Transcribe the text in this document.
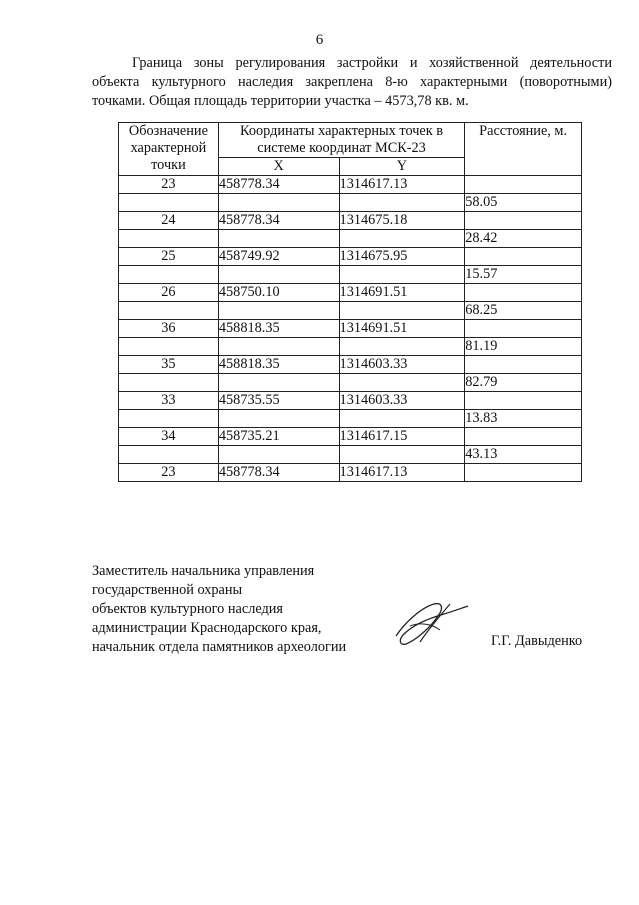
6

Граница зоны регулирования застройки и хозяйственной деятельности объекта культурного наследия закреплена 8-ю характерными (поворотными) точками. Общая площадь территории участка – 4573,78 кв. м.

Обозначение характерной точки	Координаты характерных точек в системе координат МСК-23		Расстояние, м.
	X	Y	
23	458778.34	1314617.13	
			58.05
24	458778.34	1314675.18	
			28.42
25	458749.92	1314675.95	
			15.57
26	458750.10	1314691.51	
			68.25
36	458818.35	1314691.51	
			81.19
35	458818.35	1314603.33	
			82.79
33	458735.55	1314603.33	
			13.83
34	458735.21	1314617.15	
			43.13
23	458778.34	1314617.13	
Заместитель начальника управления
государственной охраны
объектов культурного наследия
администрации Краснодарского края,
начальник отдела памятников археологии	Г.Г. Давыденко
